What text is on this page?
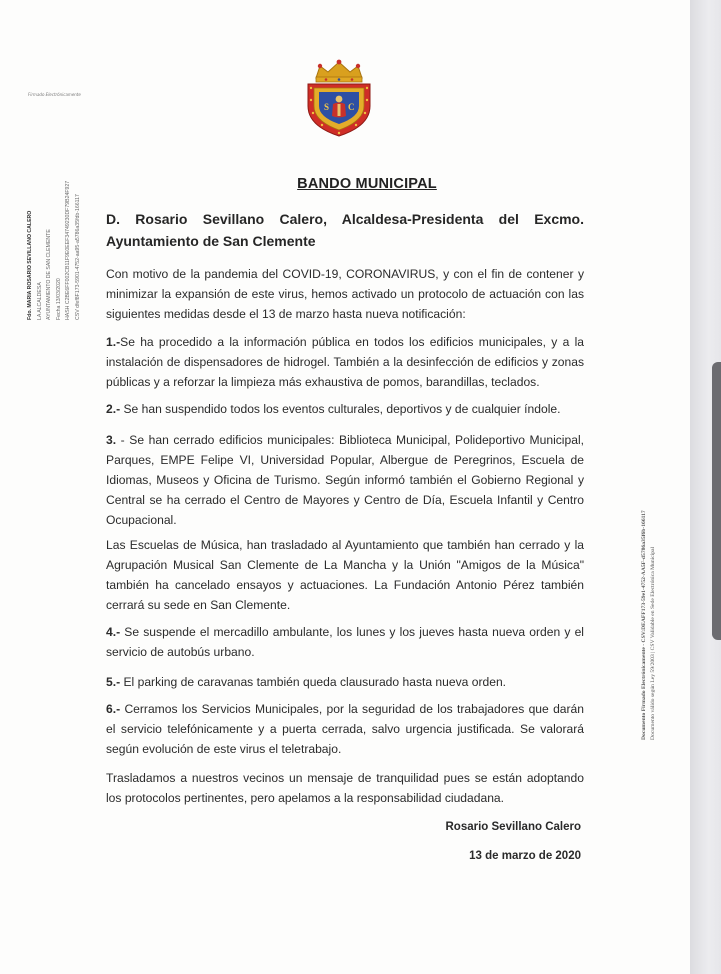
Firmado Electrónicamente
Fdo. MARIA ROSARIO SEVILLANO CALERO LA ALCALDESA AYUNTAMIENTO DE SAN CLEMENTE Fecha 13/03/2020 HASH C2BE6FF002CB11F9E0EEF34749230DF79B24F927 CSV dfef8F173-5901-4752-aa95-a5786a35fdb-166117
S C
BANDO MUNICIPAL
D. Rosario Sevillano Calero, Alcaldesa-Presidenta del Excmo.
Ayuntamiento de San Clemente

Con motivo de la pandemia del COVID-19, CORONAVIRUS, y con el fin de contener y minimizar la expansión de este virus, hemos activado un protocolo de actuación con las siguientes medidas desde el 13 de marzo hasta nueva notificación:

1.-Se ha procedido a la información pública en todos los edificios municipales, y a la instalación de dispensadores de hidrogel. También a la desinfección de edificios y zonas públicas y a reforzar la limpieza más exhaustiva de pomos, barandillas, teclados.

2.- Se han suspendido todos los eventos culturales, deportivos y de cualquier índole.

3. - Se han cerrado edificios municipales: Biblioteca Municipal, Polideportivo Municipal, Parques, EMPE Felipe VI, Universidad Popular, Albergue de Peregrinos, Escuela de Idiomas, Museos y Oficina de Turismo. Según informó también el Gobierno Regional y Central se ha cerrado el Centro de Mayores y Centro de Día, Escuela Infantil y Centro Ocupacional.

Las Escuelas de Música, han trasladado al Ayuntamiento que también han cerrado y la Agrupación Musical San Clemente de La Mancha y la Unión "Amigos de la Música" también ha cancelado ensayos y actuaciones. La Fundación Antonio Pérez también cerrará su sede en San Clemente.

4.- Se suspende el mercadillo ambulante, los lunes y los jueves hasta nueva orden y el servicio de autobús urbano.

5.- El parking de caravanas también queda clausurado hasta nueva orden.

6.- Cerramos los Servicios Municipales, por la seguridad de los trabajadores que darán el servicio telefónicamente y a puerta cerrada, salvo urgencia justificada. Se valorará según evolución de este virus el teletrabajo.

Trasladamos a nuestros vecinos un mensaje de tranquilidad pues se están adoptando los protocolos pertinentes, pero apelamos a la responsabilidad ciudadana.

Rosario Sevillano Calero
13 de marzo de 2020
Documento Firmado Electrónicamente - CSV:DEAFF173-59e1-4752-AA5F-d5786a35f6b-166117 Documento válido según Ley 59/2003 | CSV Validable en Sede Electrónica Municipal
